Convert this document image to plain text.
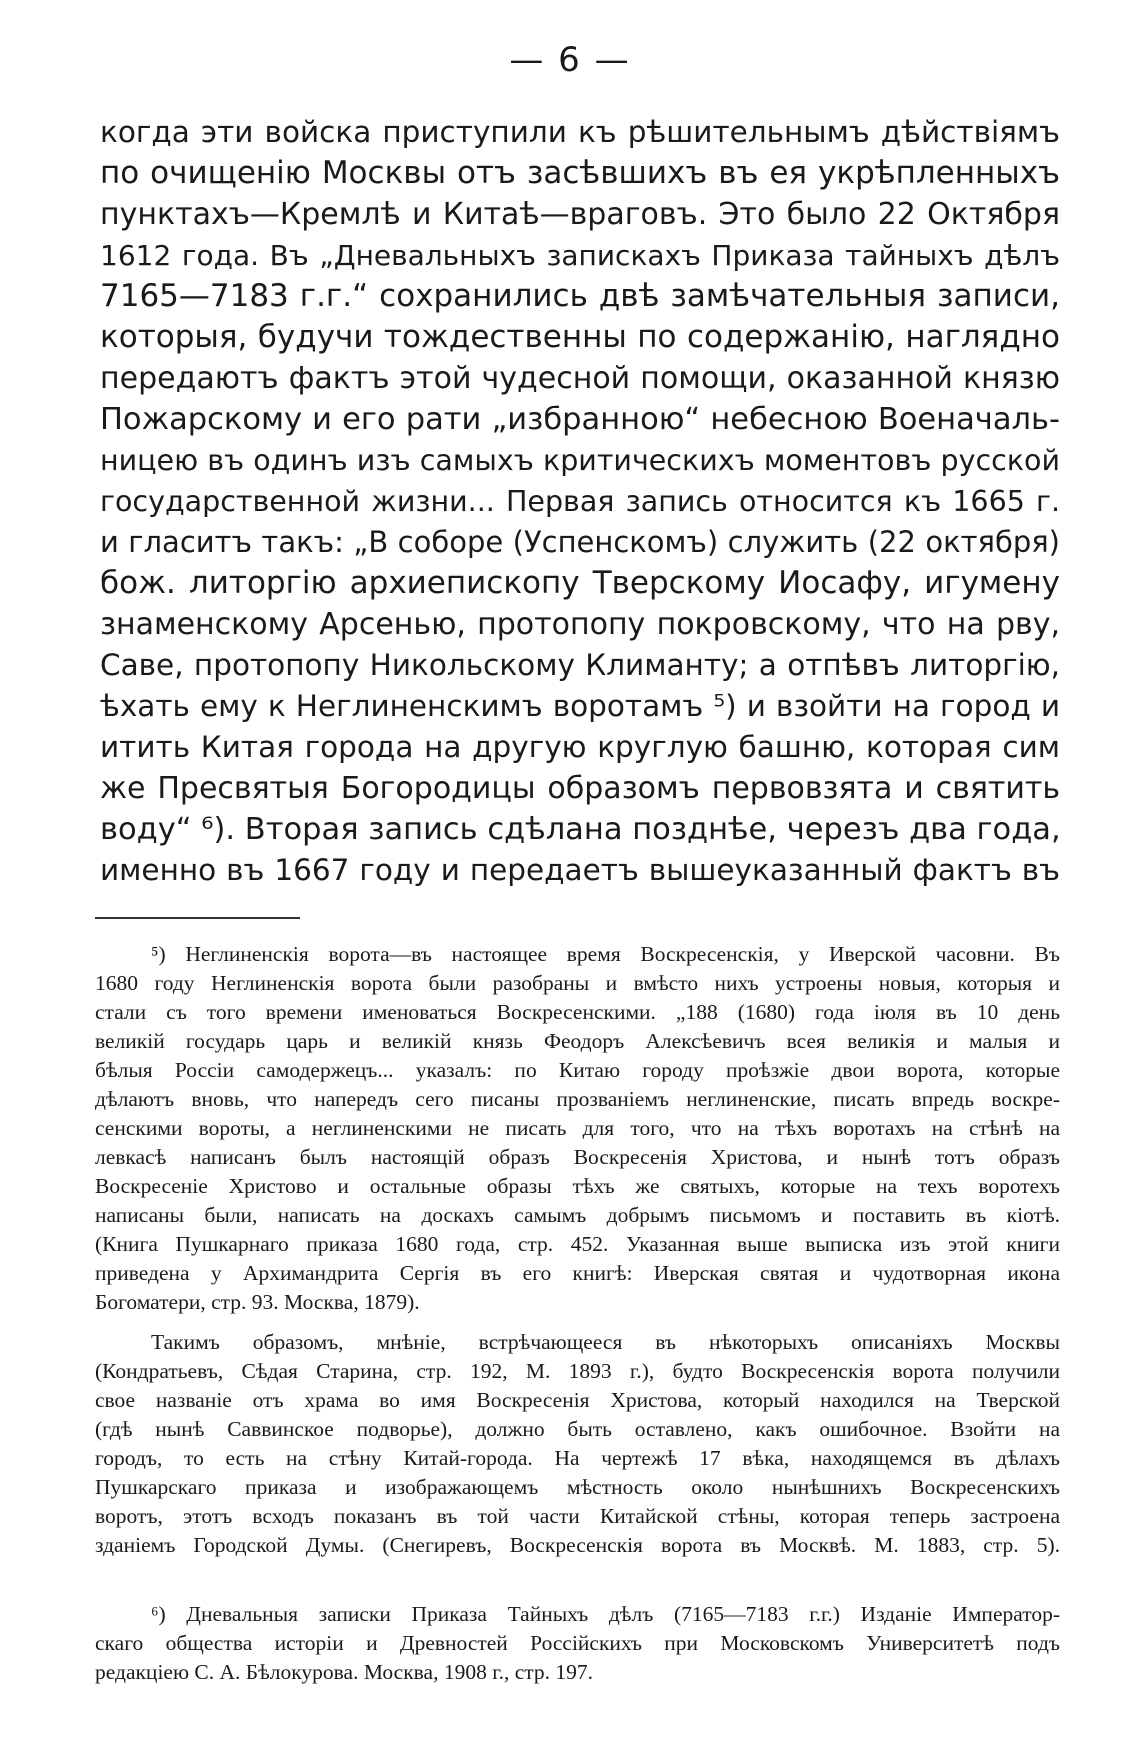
— 6 —

когда эти войска приступили къ рѣшительнымъ дѣйствiямъ

по очищенiю Москвы отъ засѣвшихъ въ ея укрѣпленныхъ

пунктахъ—Кремлѣ и Китаѣ—враговъ. Это было 22 Октября

1612 года. Въ „Дневальныхъ запискахъ Приказа тайныхъ дѣлъ

7165—7183 г.г.“ сохранились двѣ замѣчательныя записи,

которыя, будучи тождественны по содержанiю, наглядно

передаютъ фактъ этой чудесной помощи, оказанной князю

Пожарскому и его рати „избранною“ небесною Военачаль-

ницею въ одинъ изъ самыхъ критическихъ моментовъ русской

государственной жизни... Первая запись относится къ 1665 г.

и гласитъ такъ: „В соборе (Успенскомъ) служить (22 октября)

бож. литоргiю архиепископу Тверскому Иосафу, игумену

знаменскому Арсенью, протопопу покровскому, что на рву,

Саве, протопопу Никольскому Климанту; а отпѣвъ литоргiю,

ѣхать ему к Неглиненскимъ воротамъ ⁵) и взойти на город и

итить Китая города на другую круглую башню, которая сим

же Пресвятыя Богородицы образомъ первовзята и святить

воду“ ⁶). Вторая запись сдѣлана позднѣе, черезъ два года,

именно въ 1667 году и передаетъ вышеуказанный фактъ въ

⁵) Неглиненскiя ворота—въ настоящее время Воскресенскiя, у Иверской часовни. Въ
1680 году Неглиненскiя ворота были разобраны и вмѣсто нихъ устроены новыя, которыя и
стали съ того времени именоваться Воскресенскими. „188 (1680) года iюля въ 10 день
великiй государь царь и великiй князь Феодоръ Алексѣевичъ всея великiя и малыя и
бѣлыя Россiи самодержецъ... указалъ: по Китаю городу проѣзжiе двои ворота, которые
дѣлаютъ вновь, что напередъ сего писаны прозванiемъ неглиненские, писать впредь воскре-
сенскими вороты, а неглиненскими не писать для того, что на тѣхъ воротахъ на стѣнѣ на
левкасѣ написанъ былъ настоящiй образъ Воскресенiя Христова, и нынѣ тотъ образъ
Воскресенiе Христово и остальные образы тѣхъ же святыхъ, которые на техъ воротехъ
написаны были, написать на доскахъ самымъ добрымъ письмомъ и поставить въ кiотѣ.
(Книга Пушкарнаго приказа 1680 года, стр. 452. Указанная выше выписка изъ этой книги
приведена у Архимандрита Сергiя въ его книгѣ: Иверская святая и чудотворная икона
Богоматери, стр. 93. Москва, 1879).
Такимъ образомъ, мнѣнiе, встрѣчающееся въ нѣкоторыхъ описанiяхъ Москвы
(Кондратьевъ, Сѣдая Старина, стр. 192, М. 1893 г.), будто Воскресенскiя ворота получили
свое названiе отъ храма во имя Воскресенiя Христова, который находился на Тверской
(гдѣ нынѣ Саввинское подворье), должно быть оставлено, какъ ошибочное. Взойти на
городъ, то есть на стѣну Китай-города. На чертежѣ 17 вѣка, находящемся въ дѣлахъ
Пушкарскаго приказа и изображающемъ мѣстность около нынѣшнихъ Воскресенскихъ
воротъ, этотъ всходъ показанъ въ той части Китайской стѣны, которая теперь застроена
зданiемъ Городской Думы. (Снегиревъ, Воскресенскiя ворота въ Москвѣ. М. 1883, стр. 5).
⁶) Дневальныя записки Приказа Тайныхъ дѣлъ (7165—7183 г.г.) Изданiе Император-
скаго общества исторiи и Древностей Россiйскихъ при Московскомъ Университетѣ подъ
редакцiею С. А. Бѣлокурова. Москва, 1908 г., стр. 197.
